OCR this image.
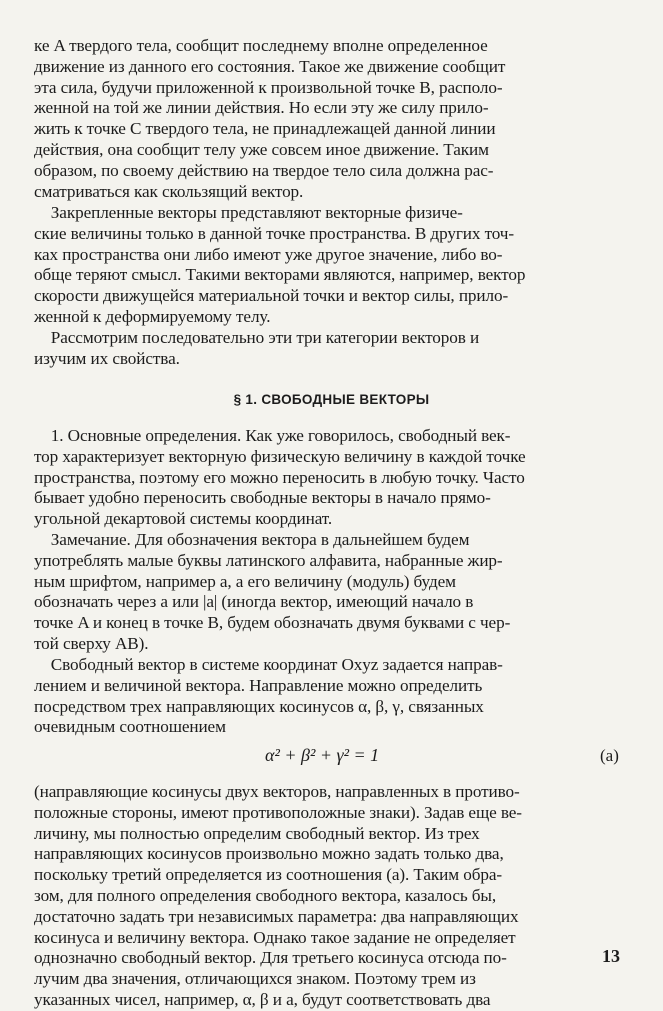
ке A твердого тела, сообщит последнему вполне определенное
движение из данного его состояния. Такое же движение сообщит
эта сила, будучи приложенной к произвольной точке B, располо-
женной на той же линии действия. Но если эту же силу прило-
жить к точке C твердого тела, не принадлежащей данной линии
действия, она сообщит телу уже совсем иное движение. Таким
образом, по своему действию на твердое тело сила должна рас-
сматриваться как скользящий вектор.
Закрепленные векторы представляют векторные физиче-
ские величины только в данной точке пространства. В других точ-
ках пространства они либо имеют уже другое значение, либо во-
обще теряют смысл. Такими векторами являются, например, вектор
скорости движущейся материальной точки и вектор силы, прило-
женной к деформируемому телу.
Рассмотрим последовательно эти три категории векторов и
изучим их свойства.
§ 1. СВОБОДНЫЕ ВЕКТОРЫ
1. Основные определения. Как уже говорилось, свободный век-
тор характеризует векторную физическую величину в каждой точке
пространства, поэтому его можно переносить в любую точку. Часто
бывает удобно переносить свободные векторы в начало прямо-
угольной декартовой системы координат.
Замечание. Для обозначения вектора в дальнейшем будем
употреблять малые буквы латинского алфавита, набранные жир-
ным шрифтом, например a, а его величину (модуль) будем
обозначать через a или |a| (иногда вектор, имеющий начало в
точке A и конец в точке B, будем обозначать двумя буквами с чер-
той сверху AB).
Свободный вектор в системе координат Oxyz задается направ-
лением и величиной вектора. Направление можно определить
посредством трех направляющих косинусов α, β, γ, связанных
очевидным соотношением
α² + β² + γ² = 1	(a)
(направляющие косинусы двух векторов, направленных в противо-
положные стороны, имеют противоположные знаки). Задав еще ве-
личину, мы полностью определим свободный вектор. Из трех
направляющих косинусов произвольно можно задать только два,
поскольку третий определяется из соотношения (a). Таким обра-
зом, для полного определения свободного вектора, казалось бы,
достаточно задать три независимых параметра: два направляющих
косинуса и величину вектора. Однако такое задание не определяет
однозначно свободный вектор. Для третьего косинуса отсюда по-
лучим два значения, отличающихся знаком. Поэтому трем из
указанных чисел, например, α, β и a, будут соответствовать два
13
